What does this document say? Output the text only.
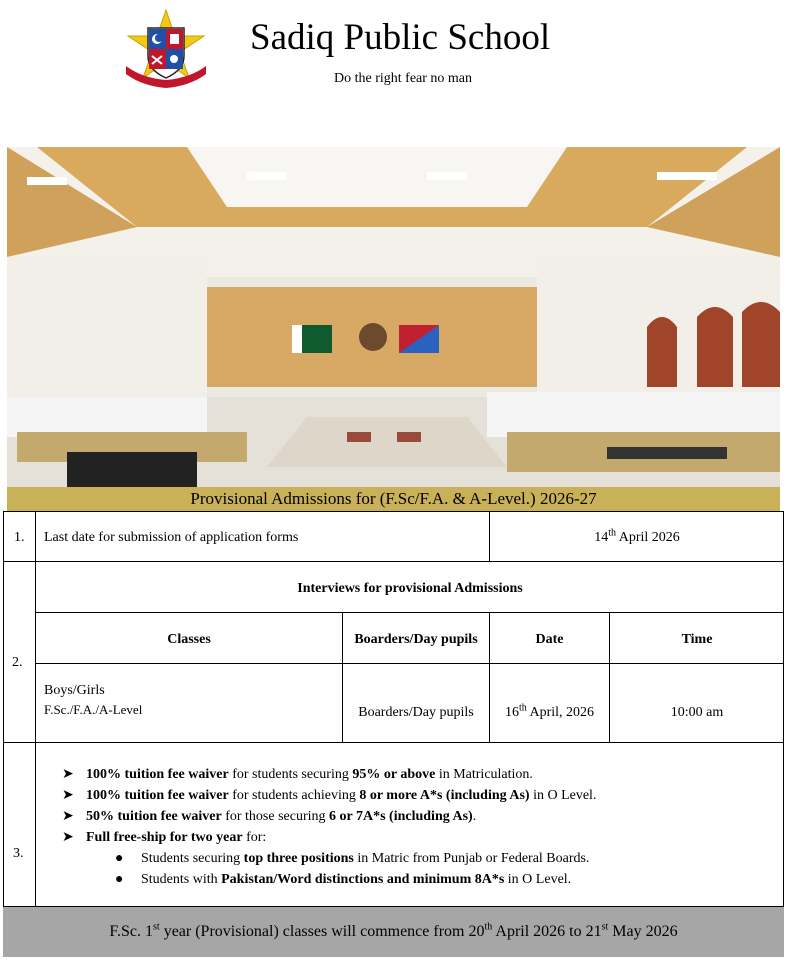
Sadiq Public School
Do the right fear no man
Provisional Admissions for (F.Sc/F.A. & A-Level.) 2026-27
1. Last date for submission of application forms	14th April 2026
2.
Interviews for provisional Admissions
Classes	Boarders/Day pupils	Date	Time
Boys/Girls
F.Sc./F.A./A-Level	Boarders/Day pupils	16th April, 2026	10:00 am
3.
➤ 100% tuition fee waiver for students securing 95% or above in Matriculation.
➤ 100% tuition fee waiver for students achieving 8 or more A*s (including As) in O Level.
➤ 50% tuition fee waiver for those securing 6 or 7A*s (including As).
➤ Full free-ship for two year for:
● Students securing top three positions in Matric from Punjab or Federal Boards.
● Students with Pakistan/Word distinctions and minimum 8A*s in O Level.
F.Sc. 1st year (Provisional) classes will commence from 20th April 2026 to 21st May 2026
